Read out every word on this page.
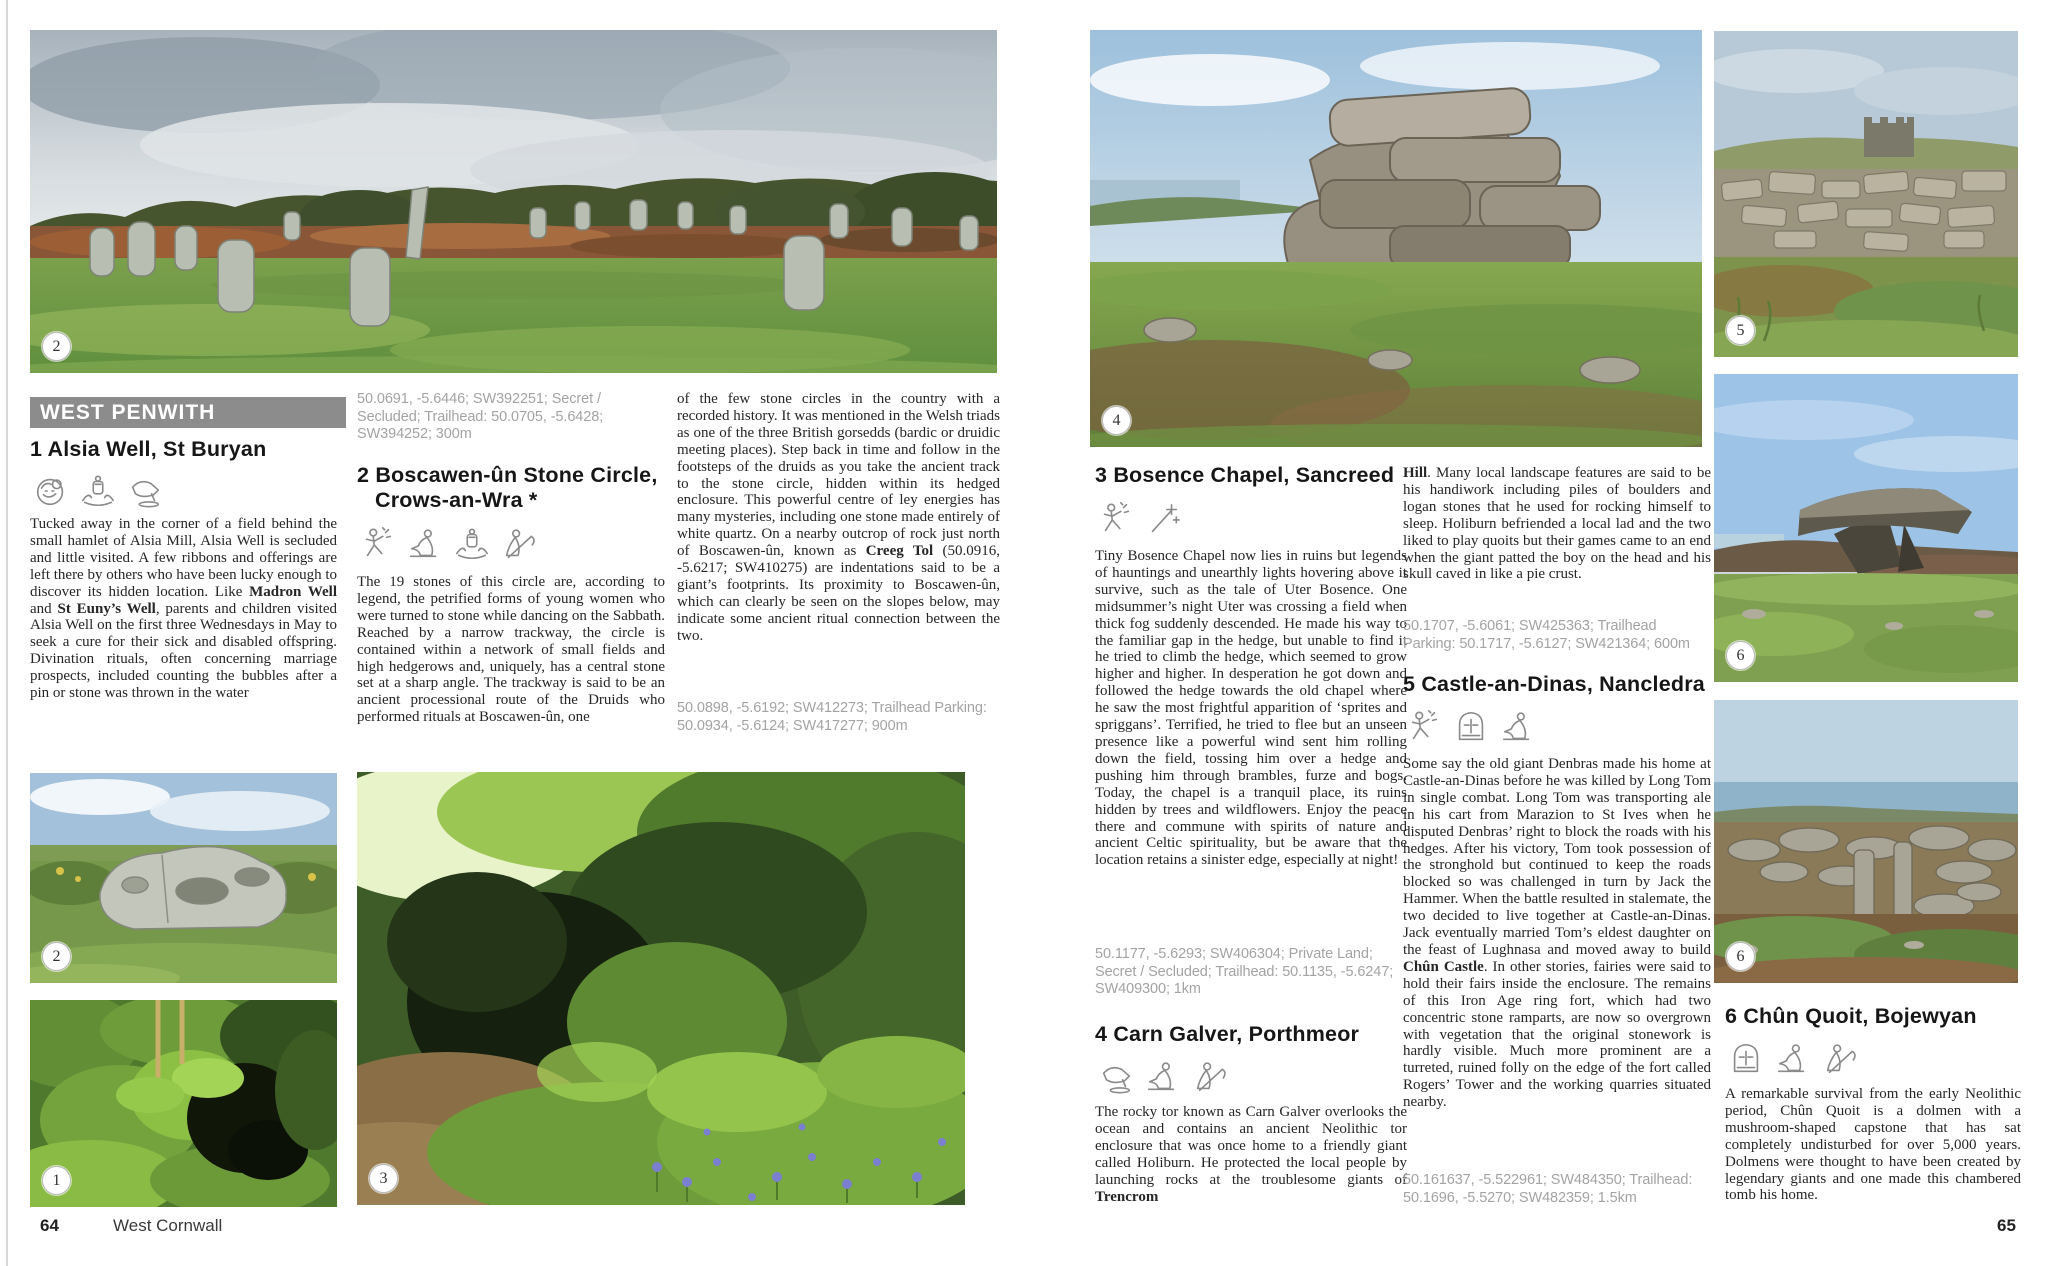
2
WEST PENWITH
1 Alsia Well, St Buryan
Tucked away in the corner of a field behind the small hamlet of Alsia Mill, Alsia Well is secluded and little visited. A few ribbons and offerings are left there by others who have been lucky enough to discover its hidden location. Like Madron Well and St Euny’s Well, parents and children visited Alsia Well on the first three Wednesdays in May to seek a cure for their sick and disabled offspring. Divination rituals, often concerning marriage prospects, included counting the bubbles after a pin or stone was thrown in the water
2
1
50.0691, -5.6446; SW392251; Secret / Secluded; Trailhead: 50.0705, -5.6428; SW394252; 300m
2 Boscawen-ûn Stone Circle,
Crows-an-Wra *
The 19 stones of this circle are, according to legend, the petrified forms of young women who were turned to stone while dancing on the Sabbath. Reached by a narrow trackway, the circle is contained within a network of small fields and high hedgerows and, uniquely, has a central stone set at a sharp angle. The trackway is said to be an ancient processional route of the Druids who performed rituals at Boscawen-ûn, one
3
of the few stone circles in the country with a recorded history. It was mentioned in the Welsh triads as one of the three British gorsedds (bardic or druidic meeting places). Step back in time and follow in the footsteps of the druids as you take the ancient track to the stone circle, hidden within its hedged enclosure. This powerful centre of ley energies has many mysteries, including one stone made entirely of white quartz. On a nearby outcrop of rock just north of Boscawen-ûn, known as Creeg Tol (50.0916, -5.6217; SW410275) are indentations said to be a giant’s footprints. Its proximity to Boscawen-ûn, which can clearly be seen on the slopes below, may indicate some ancient ritual connection between the two.
50.0898, -5.6192; SW412273; Trailhead Parking: 50.0934, -5.6124; SW417277; 900m
64	West Cornwall
4
5
6
6
3 Bosence Chapel, Sancreed
Tiny Bosence Chapel now lies in ruins but legends of hauntings and unearthly lights hovering above it survive, such as the tale of Uter Bosence. One midsummer’s night Uter was crossing a field when thick fog suddenly descended. He made his way to the familiar gap in the hedge, but unable to find it he tried to climb the hedge, which seemed to grow higher and higher. In desperation he got down and followed the hedge towards the old chapel where he saw the most frightful apparition of ‘sprites and spriggans’. Terrified, he tried to flee but an unseen presence like a powerful wind sent him rolling down the field, tossing him over a hedge and pushing him through brambles, furze and bogs. Today, the chapel is a tranquil place, its ruins hidden by trees and wildflowers. Enjoy the peace there and commune with spirits of nature and ancient Celtic spirituality, but be aware that the location retains a sinister edge, especially at night!
50.1177, -5.6293; SW406304; Private Land; Secret / Secluded; Trailhead: 50.1135, -5.6247; SW409300; 1km
4 Carn Galver, Porthmeor
The rocky tor known as Carn Galver overlooks the ocean and contains an ancient Neolithic tor enclosure that was once home to a friendly giant called Holiburn. He protected the local people by launching rocks at the troublesome giants of Trencrom
Hill. Many local landscape features are said to be his handiwork including piles of boulders and logan stones that he used for rocking himself to sleep. Holiburn befriended a local lad and the two liked to play quoits but their games came to an end when the giant patted the boy on the head and his skull caved in like a pie crust.
50.1707, -5.6061; SW425363; Trailhead Parking: 50.1717, -5.6127; SW421364; 600m
5 Castle-an-Dinas, Nancledra
Some say the old giant Denbras made his home at Castle-an-Dinas before he was killed by Long Tom in single combat. Long Tom was transporting ale in his cart from Marazion to St Ives when he disputed Denbras’ right to block the roads with his hedges. After his victory, Tom took possession of the stronghold but continued to keep the roads blocked so was challenged in turn by Jack the Hammer. When the battle resulted in stalemate, the two decided to live together at Castle-an-Dinas. Jack eventually married Tom’s eldest daughter on the feast of Lughnasa and moved away to build Chûn Castle. In other stories, fairies were said to hold their fairs inside the enclosure. The remains of this Iron Age ring fort, which had two concentric stone ramparts, are now so overgrown with vegetation that the original stonework is hardly visible. Much more prominent are a turreted, ruined folly on the edge of the fort called Rogers’ Tower and the working quarries situated nearby.
50.161637, -5.522961; SW484350; Trailhead: 50.1696, -5.5270; SW482359; 1.5km
6 Chûn Quoit, Bojewyan
A remarkable survival from the early Neolithic period, Chûn Quoit is a dolmen with a mushroom-shaped capstone that has sat completely undisturbed for over 5,000 years. Dolmens were thought to have been created by legendary giants and one made this chambered tomb his home.
65
